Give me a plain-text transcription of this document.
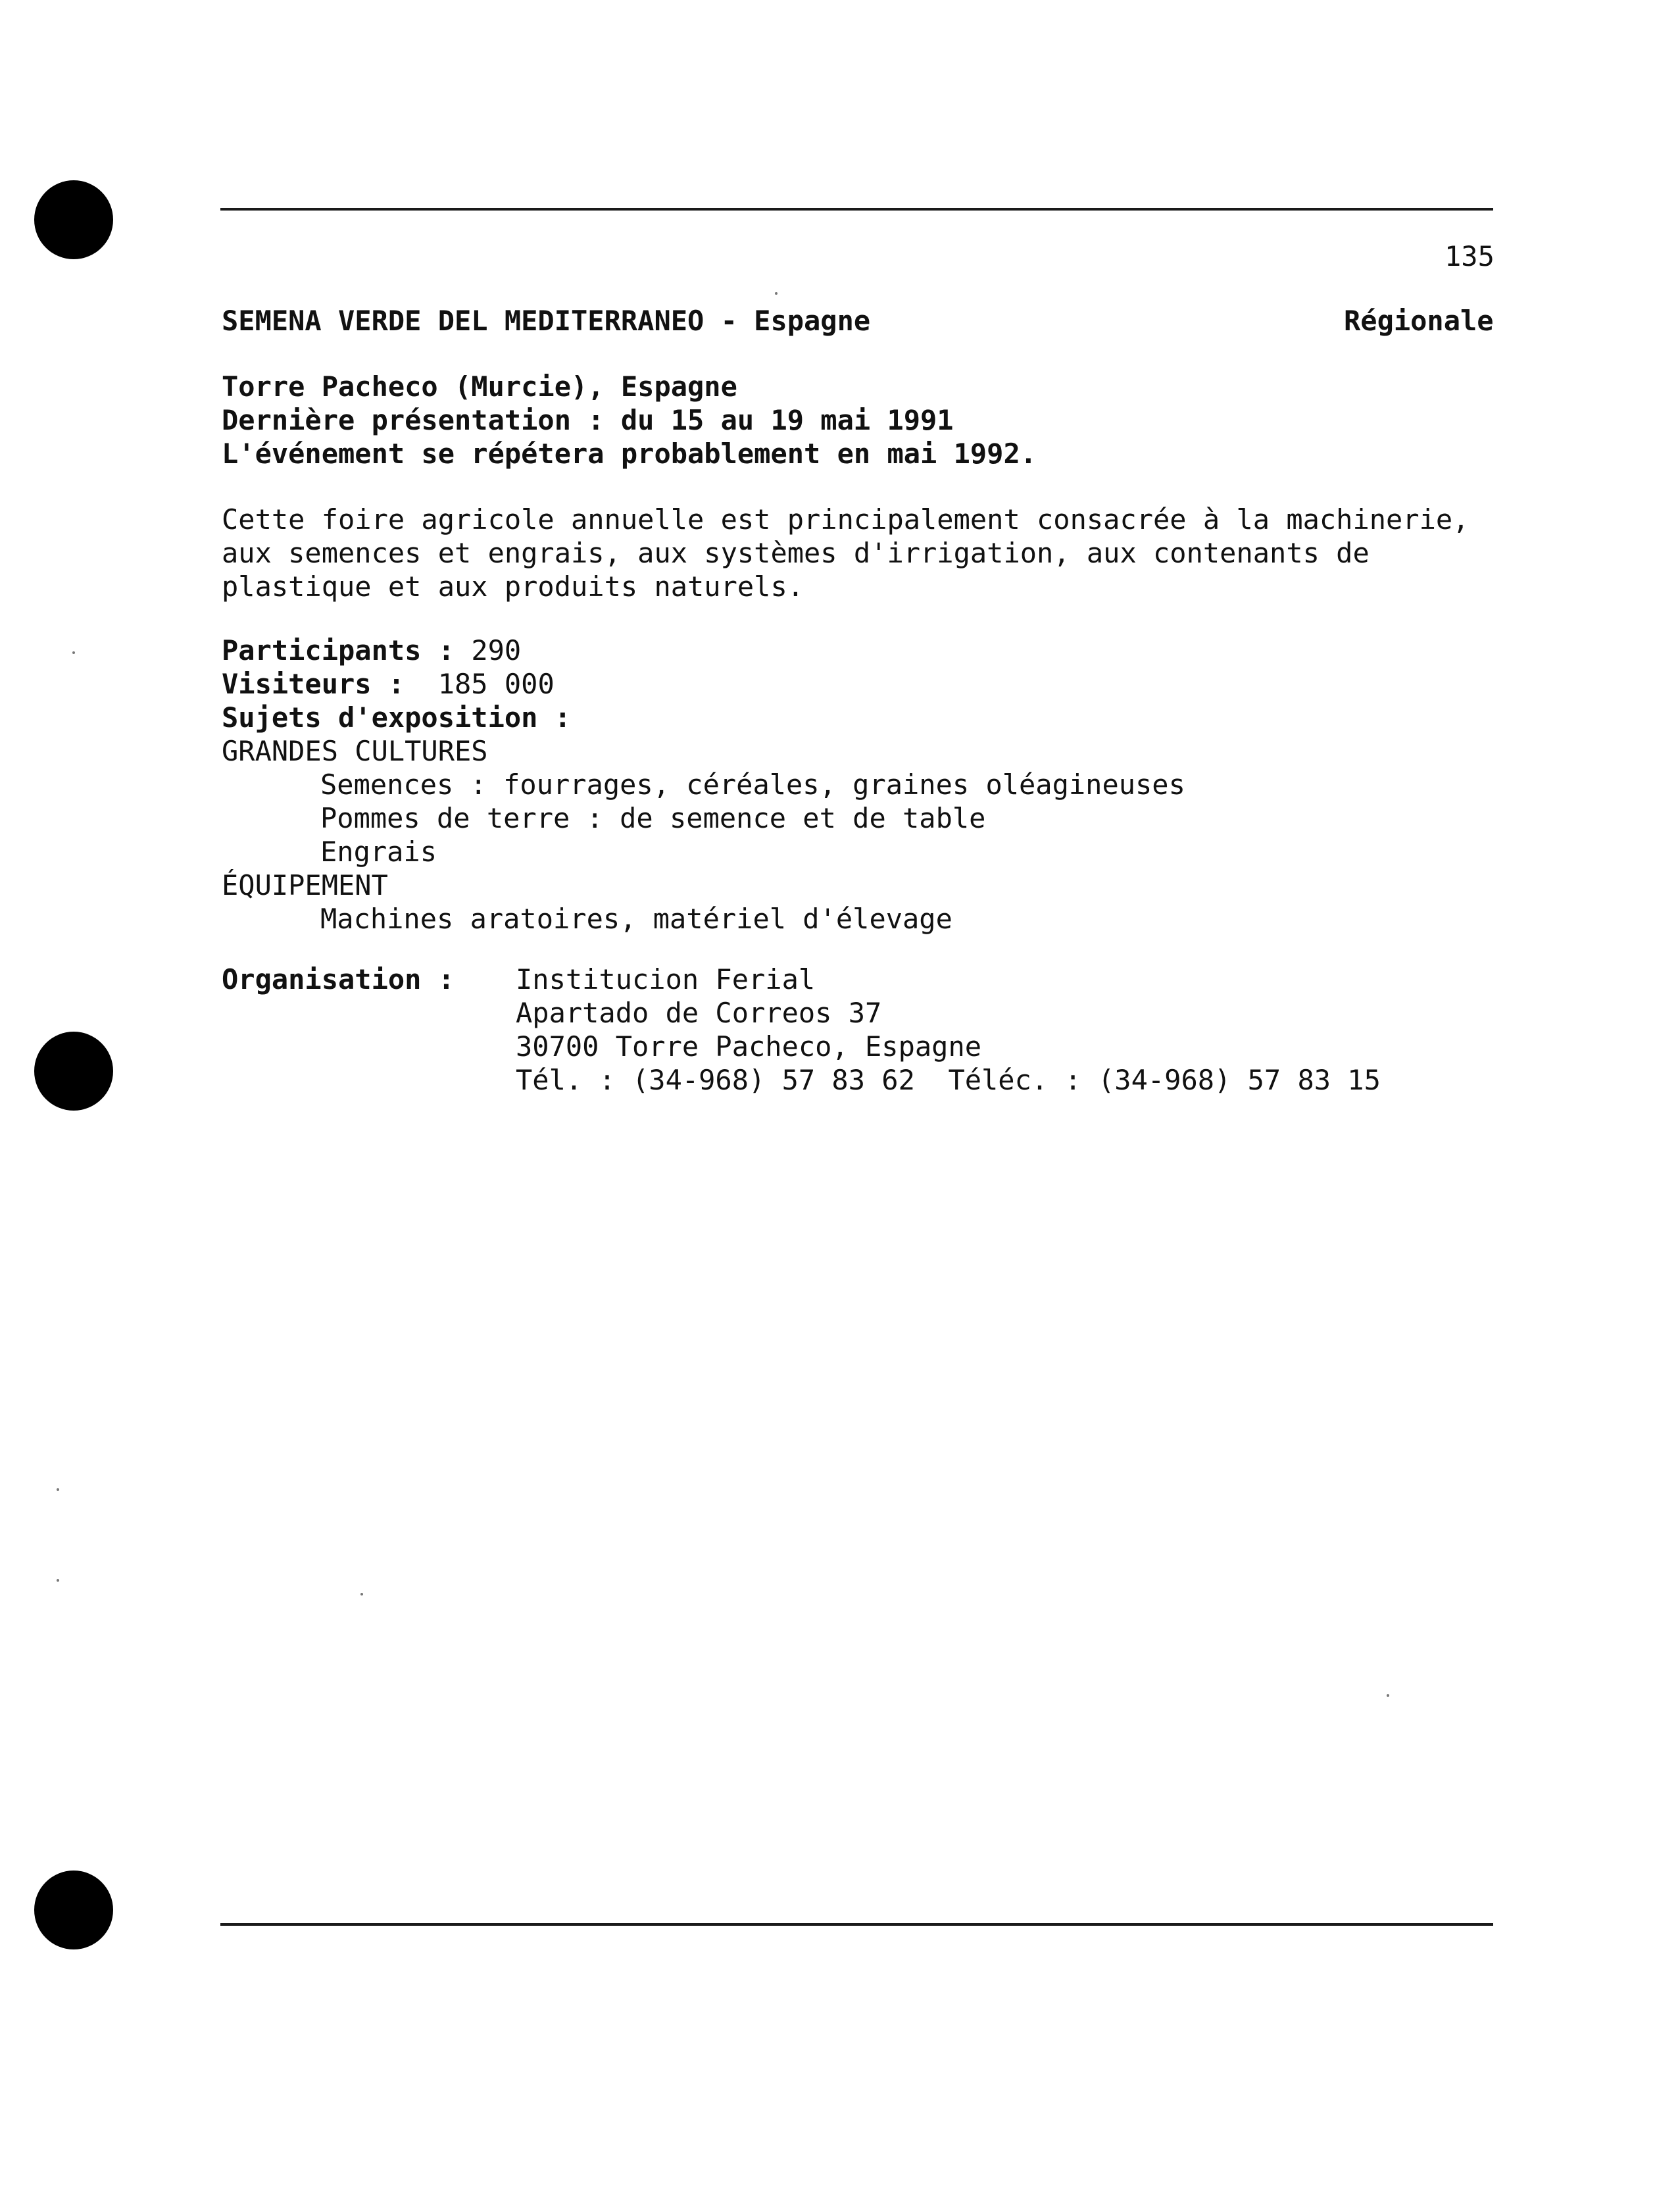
135
SEMENA VERDE DEL MEDITERRANEO - Espagne	Régionale
Torre Pacheco (Murcie), Espagne
Dernière présentation : du 15 au 19 mai 1991
L'événement se répétera probablement en mai 1992.
Cette foire agricole annuelle est principalement consacrée à la machinerie,
aux semences et engrais, aux systèmes d'irrigation, aux contenants de
plastique et aux produits naturels.
Participants : 290
Visiteurs : 185 000
Sujets d'exposition :
GRANDES CULTURES
Semences : fourrages, céréales, graines oléagineuses
Pommes de terre : de semence et de table
Engrais
ÉQUIPEMENT
Machines aratoires, matériel d'élevage
Organisation : Institucion Ferial
Apartado de Correos 37
30700 Torre Pacheco, Espagne
Tél. : (34-968) 57 83 62  Téléc. : (34-968) 57 83 15
